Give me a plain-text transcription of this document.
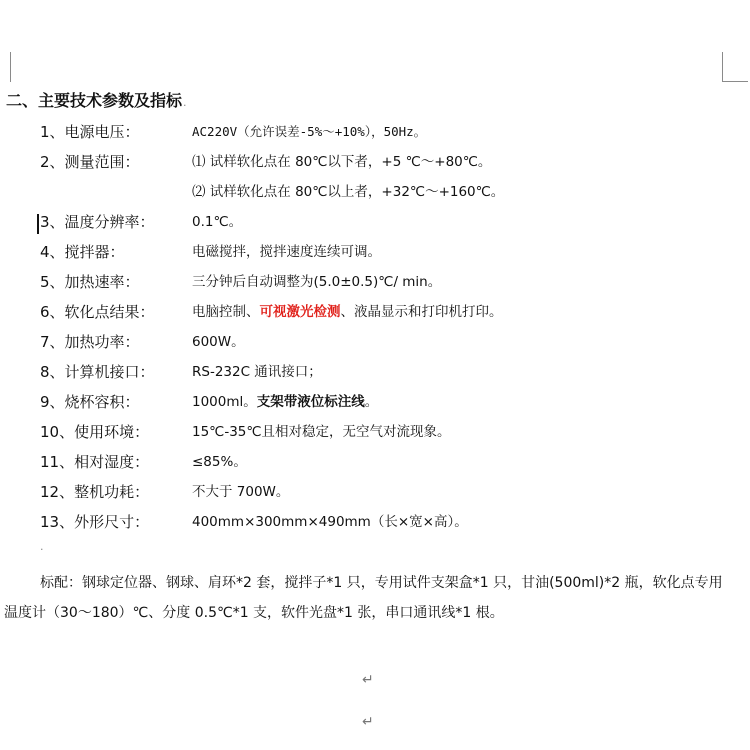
二、主要技术参数及指标.
1、电源电压：	AC220V（允许误差-5%～+10%），50Hz。
2、测量范围：	⑴ 试样软化点在 80℃以下者，+5 ℃～+80℃。
⑵ 试样软化点在 80℃以上者，+32℃～+160℃。
3、温度分辨率：	0.1℃。
4、搅拌器：	电磁搅拌，搅拌速度连续可调。
5、加热速率：	三分钟后自动调整为(5.0±0.5)℃/ min。
6、软化点结果：	电脑控制、可视激光检测、液晶显示和打印机打印。
7、加热功率：	600W。
8、计算机接口：	RS-232C 通讯接口；
9、烧杯容积：	1000ml。支架带液位标注线。
10、使用环境：	15℃-35℃且相对稳定，无空气对流现象。
11、相对湿度：	≤85%。
12、整机功耗：	不大于 700W。
13、外形尺寸：	400mm×300mm×490mm（长×宽×高）。
.

标配：钢球定位器、钢球、肩环*2 套，搅拌子*1 只，专用试件支架盒*1 只，甘油(500ml)*2 瓶，软化点专用温度计（30～180）℃、分度 0.5℃*1 支，软件光盘*1 张，串口通讯线*1 根。

↵
↵
